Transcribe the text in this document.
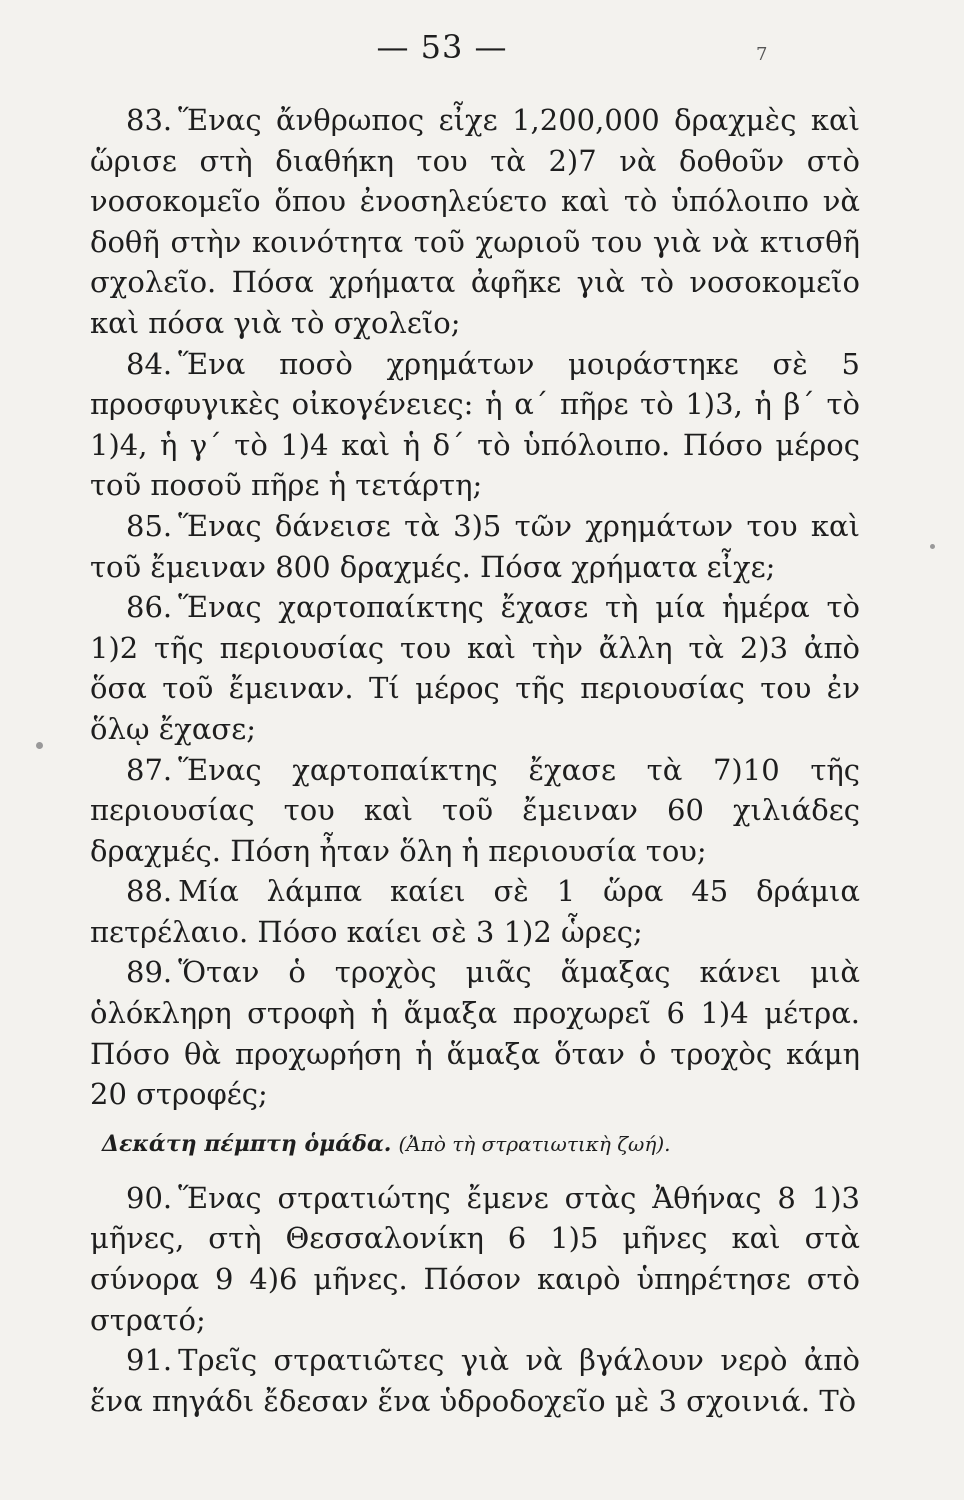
— 53 —	7

83. Ἕνας ἄνθρωπος εἶχε 1,200,000 δραχμὲς καὶ ὥρισε στὴ διαθήκη του τὰ 2)7 νὰ δοθοῦν στὸ νοσοκομεῖο ὅπου ἐνοσηλεύετο καὶ τὸ ὑπόλοιπο νὰ δοθῆ στὴν κοινότητα τοῦ χωριοῦ του γιὰ νὰ κτισθῆ σχολεῖο. Πόσα χρήματα ἀφῆκε γιὰ τὸ νοσοκομεῖο καὶ πόσα γιὰ τὸ σχολεῖο;

84. Ἕνα ποσὸ χρημάτων μοιράστηκε σὲ 5 προσφυγικὲς οἰκογένειες: ἡ α΄ πῆρε τὸ 1)3, ἡ β΄ τὸ 1)4, ἡ γ΄ τὸ 1)4 καὶ ἡ δ΄ τὸ ὑπόλοιπο. Πόσο μέρος τοῦ ποσοῦ πῆρε ἡ τετάρτη;

85. Ἕνας δάνεισε τὰ 3)5 τῶν χρημάτων του καὶ τοῦ ἔμειναν 800 δραχμές. Πόσα χρήματα εἶχε;

86. Ἕνας χαρτοπαίκτης ἔχασε τὴ μία ἡμέρα τὸ 1)2 τῆς περιουσίας του καὶ τὴν ἄλλη τὰ 2)3 ἀπὸ ὅσα τοῦ ἔμειναν. Τί μέρος τῆς περιουσίας του ἐν ὅλῳ ἔχασε;

87. Ἕνας χαρτοπαίκτης ἔχασε τὰ 7)10 τῆς περιουσίας του καὶ τοῦ ἔμειναν 60 χιλιάδες δραχμές. Πόση ἦταν ὅλη ἡ περιουσία του;

88. Μία λάμπα καίει σὲ 1 ὥρα 45 δράμια πετρέλαιο. Πόσο καίει σὲ 3 1)2 ὧρες;

89. Ὅταν ὁ τροχὸς μιᾶς ἅμαξας κάνει μιὰ ὁλόκληρη στροφὴ ἡ ἅμαξα προχωρεῖ 6 1)4 μέτρα. Πόσο θὰ προχωρήση ἡ ἅμαξα ὅταν ὁ τροχὸς κάμη 20 στροφές;

Δεκάτη πέμπτη ὁμάδα. (Ἀπὸ τὴ στρατιωτικὴ ζωή).

90. Ἕνας στρατιώτης ἔμενε στὰς Ἀθήνας 8 1)3 μῆνες, στὴ Θεσσαλονίκη 6 1)5 μῆνες καὶ στὰ σύνορα 9 4)6 μῆνες. Πόσον καιρὸ ὑπηρέτησε στὸ στρατό;

91. Τρεῖς στρατιῶτες γιὰ νὰ βγάλουν νερὸ ἀπὸ ἕνα πηγάδι ἔδεσαν ἕνα ὑδροδοχεῖο μὲ 3 σχοινιά. Τὸ
